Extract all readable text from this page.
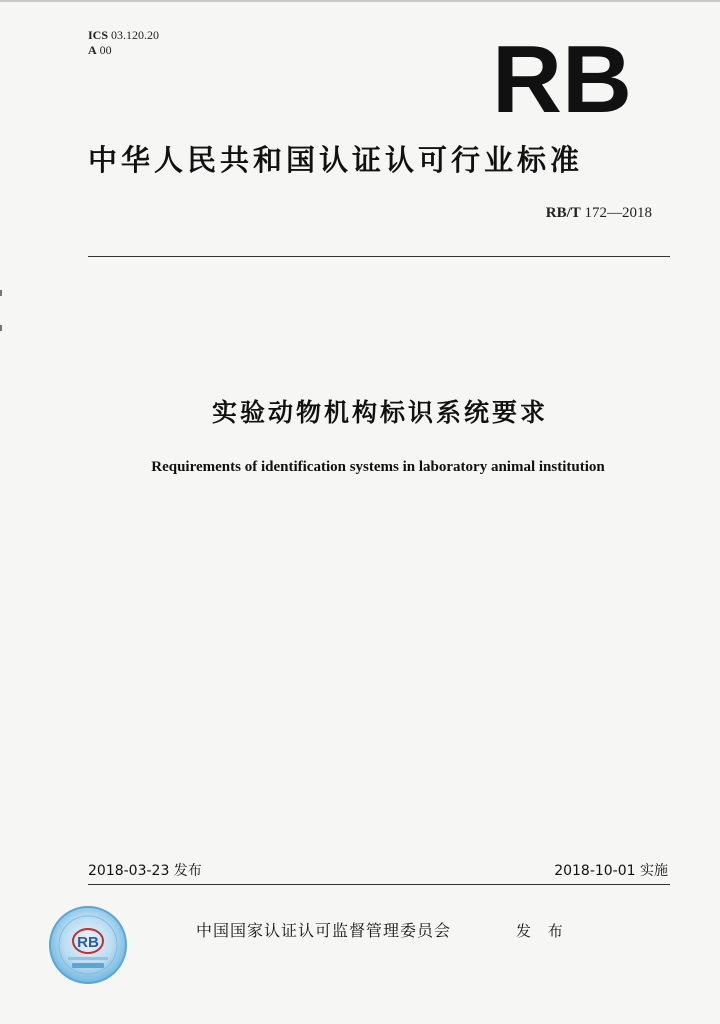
ICS 03.120.20
A 00	RB
中华人民共和国认证认可行业标准
RB/T 172—2018
实验动物机构标识系统要求
Requirements of identification systems in laboratory animal institution
2018-03-23 发布	2018-10-01 实施
RB
中国国家认证认可监督管理委员会	发 布
